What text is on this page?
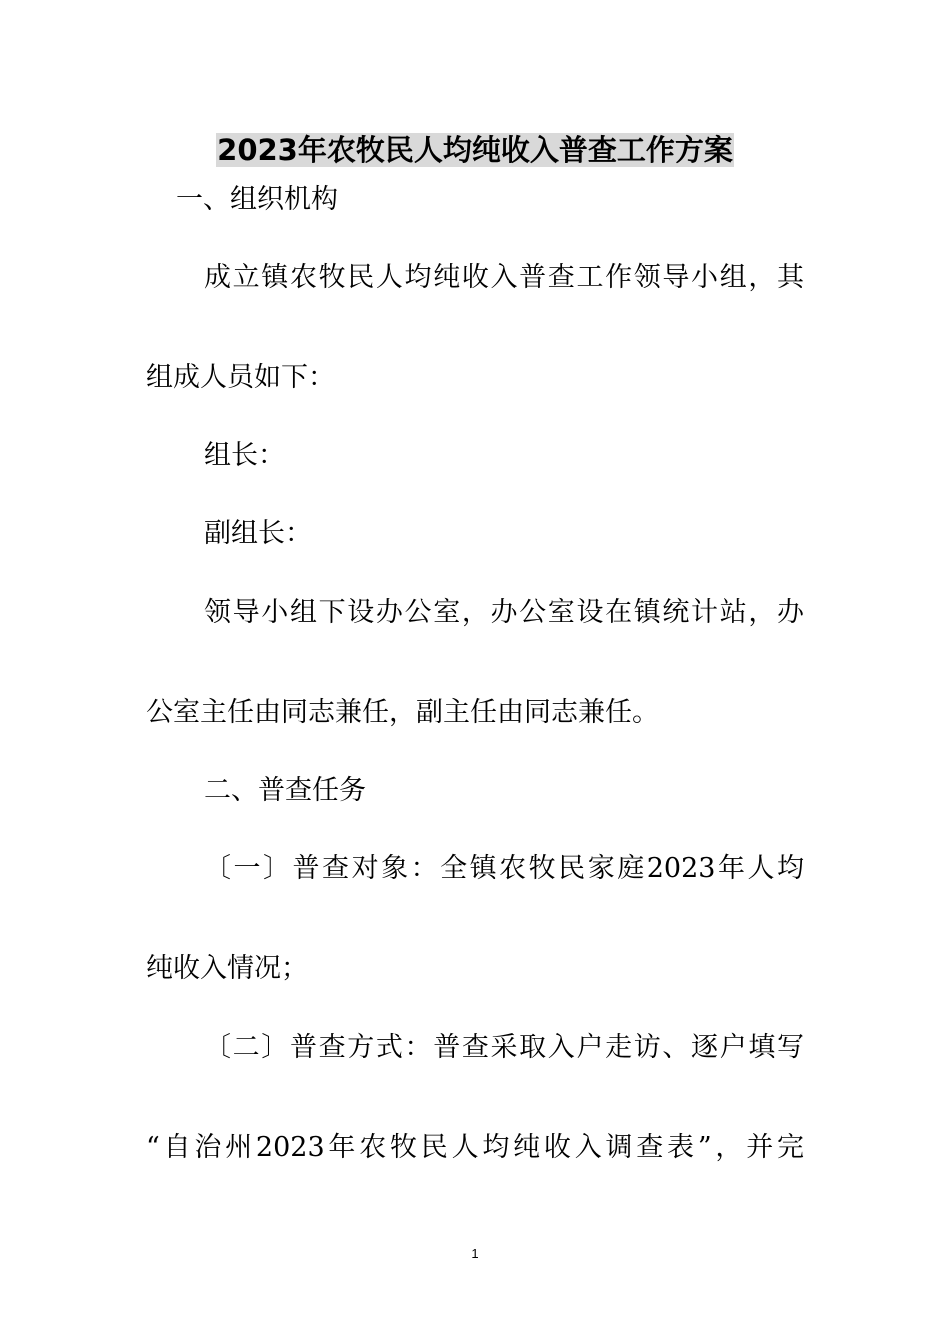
2023年农牧民人均纯收入普查工作方案

一、组织机构

成立镇农牧民人均纯收入普查工作领导小组，其

组成人员如下：

组长：

副组长：

领导小组下设办公室，办公室设在镇统计站，办

公室主任由同志兼任，副主任由同志兼任。

二、普查任务

〔一〕普查对象：全镇农牧民家庭2023年人均

纯收入情况；

〔二〕普查方式：普查采取入户走访、逐户填写

“自治州2023年农牧民人均纯收入调查表”，并完

1
